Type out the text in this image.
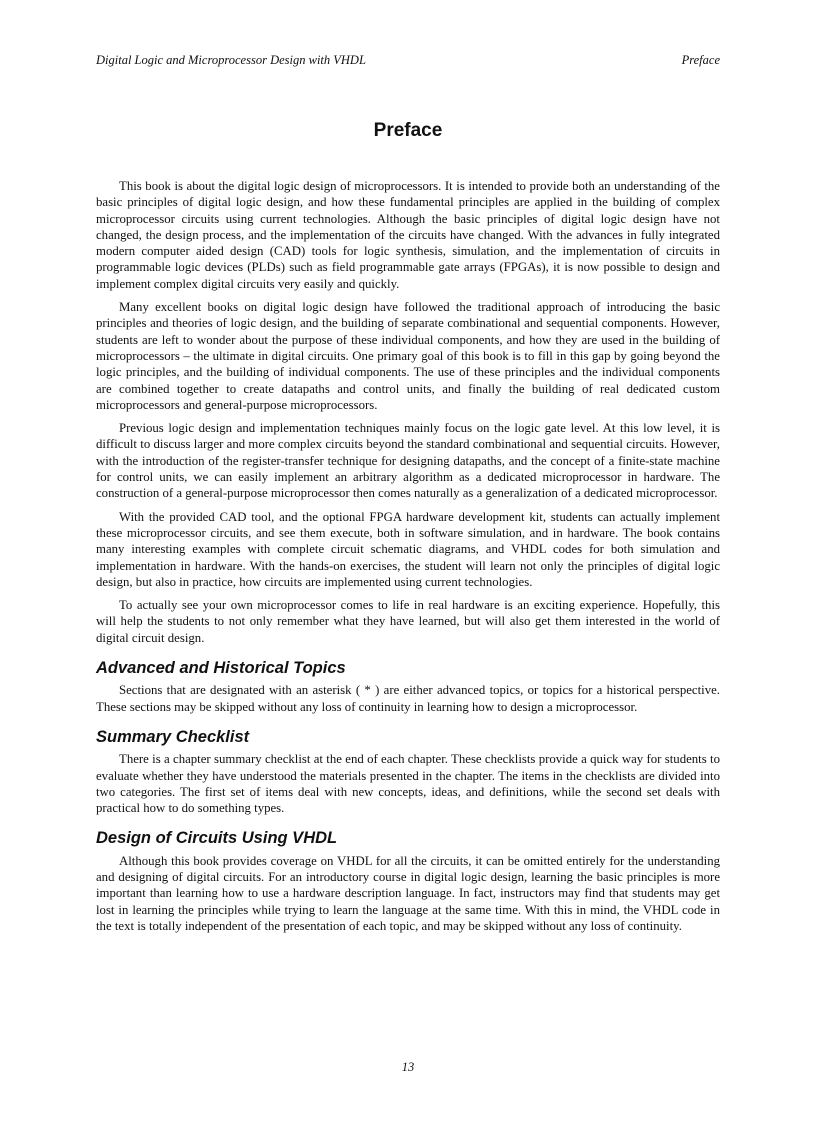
Digital Logic and Microprocessor Design with VHDL	Preface
Preface

This book is about the digital logic design of microprocessors. It is intended to provide both an understanding of the basic principles of digital logic design, and how these fundamental principles are applied in the building of complex microprocessor circuits using current technologies. Although the basic principles of digital logic design have not changed, the design process, and the implementation of the circuits have changed. With the advances in fully integrated modern computer aided design (CAD) tools for logic synthesis, simulation, and the implementation of circuits in programmable logic devices (PLDs) such as field programmable gate arrays (FPGAs), it is now possible to design and implement complex digital circuits very easily and quickly.

Many excellent books on digital logic design have followed the traditional approach of introducing the basic principles and theories of logic design, and the building of separate combinational and sequential components. However, students are left to wonder about the purpose of these individual components, and how they are used in the building of microprocessors – the ultimate in digital circuits. One primary goal of this book is to fill in this gap by going beyond the logic principles, and the building of individual components. The use of these principles and the individual components are combined together to create datapaths and control units, and finally the building of real dedicated custom microprocessors and general-purpose microprocessors.

Previous logic design and implementation techniques mainly focus on the logic gate level. At this low level, it is difficult to discuss larger and more complex circuits beyond the standard combinational and sequential circuits. However, with the introduction of the register-transfer technique for designing datapaths, and the concept of a finite-state machine for control units, we can easily implement an arbitrary algorithm as a dedicated microprocessor in hardware. The construction of a general-purpose microprocessor then comes naturally as a generalization of a dedicated microprocessor.

With the provided CAD tool, and the optional FPGA hardware development kit, students can actually implement these microprocessor circuits, and see them execute, both in software simulation, and in hardware. The book contains many interesting examples with complete circuit schematic diagrams, and VHDL codes for both simulation and implementation in hardware. With the hands-on exercises, the student will learn not only the principles of digital logic design, but also in practice, how circuits are implemented using current technologies.

To actually see your own microprocessor comes to life in real hardware is an exciting experience. Hopefully, this will help the students to not only remember what they have learned, but will also get them interested in the world of digital circuit design.

Advanced and Historical Topics

Sections that are designated with an asterisk ( * ) are either advanced topics, or topics for a historical perspective. These sections may be skipped without any loss of continuity in learning how to design a microprocessor.

Summary Checklist

There is a chapter summary checklist at the end of each chapter. These checklists provide a quick way for students to evaluate whether they have understood the materials presented in the chapter. The items in the checklists are divided into two categories. The first set of items deal with new concepts, ideas, and definitions, while the second set deals with practical how to do something types.

Design of Circuits Using VHDL

Although this book provides coverage on VHDL for all the circuits, it can be omitted entirely for the understanding and designing of digital circuits. For an introductory course in digital logic design, learning the basic principles is more important than learning how to use a hardware description language. In fact, instructors may find that students may get lost in learning the principles while trying to learn the language at the same time. With this in mind, the VHDL code in the text is totally independent of the presentation of each topic, and may be skipped without any loss of continuity.

13
